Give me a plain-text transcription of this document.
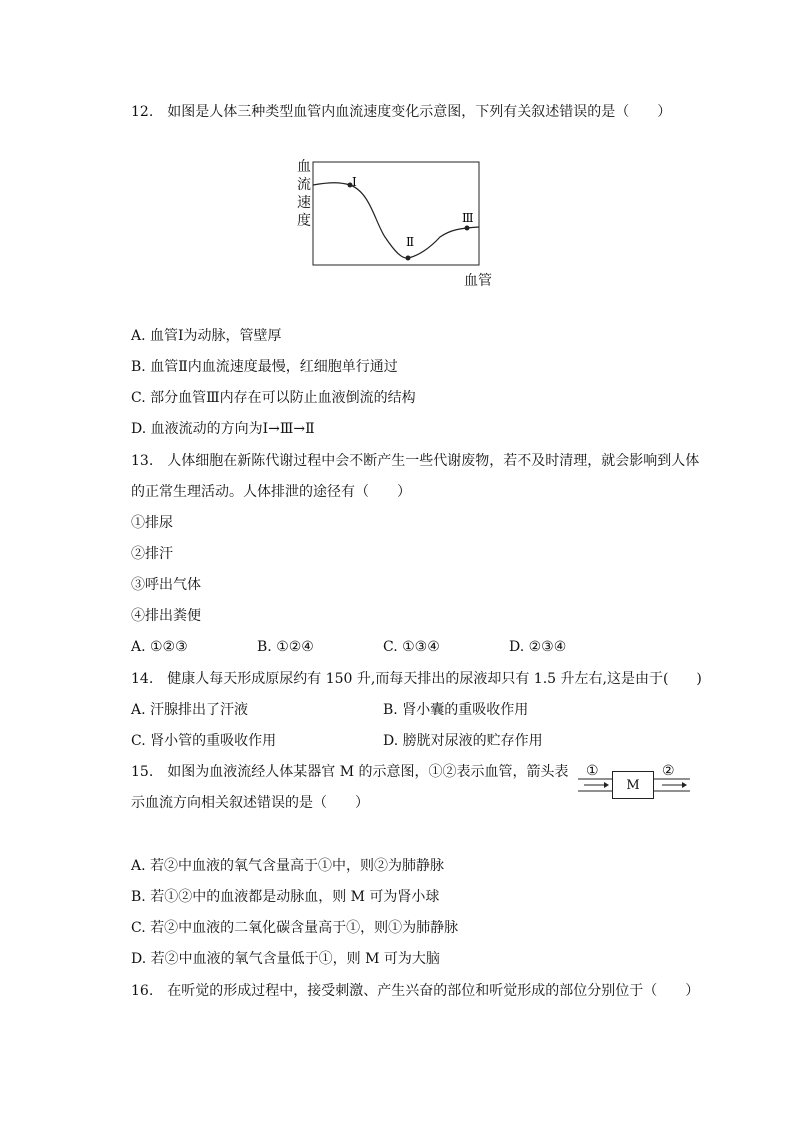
12.　如图是人体三种类型血管内血流速度变化示意图，下列有关叙述错误的是（　　）
血
流
速
度
Ⅰ
Ⅱ
Ⅲ
血管
A. 血管Ⅰ为动脉，管壁厚
B. 血管Ⅱ内血流速度最慢，红细胞单行通过
C. 部分血管Ⅲ内存在可以防止血液倒流的结构
D. 血液流动的方向为Ⅰ→Ⅲ→Ⅱ
13.　人体细胞在新陈代谢过程中会不断产生一些代谢废物，若不及时清理，就会影响到人体
的正常生理活动。人体排泄的途径有（　　）
①排尿
②排汗
③呼出气体
④排出粪便
A. ①②③	B. ①②④	C. ①③④	D. ②③④
14.　健康人每天形成原尿约有 150 升,而每天排出的尿液却只有 1.5 升左右,这是由于(　　)
A. 汗腺排出了汗液	B. 肾小囊的重吸收作用
C. 肾小管的重吸收作用	D. 膀胱对尿液的贮存作用
15.　如图为血液流经人体某器官 M 的示意图，①②表示血管，箭头表
示血流方向相关叙述错误的是（　　）
①	②
M
A. 若②中血液的氧气含量高于①中，则②为肺静脉
B. 若①②中的血液都是动脉血，则 M 可为肾小球
C. 若②中血液的二氧化碳含量高于①，则①为肺静脉
D. 若②中血液的氧气含量低于①，则 M 可为大脑
16.　在听觉的形成过程中，接受刺激、产生兴奋的部位和听觉形成的部位分别位于（　　）
